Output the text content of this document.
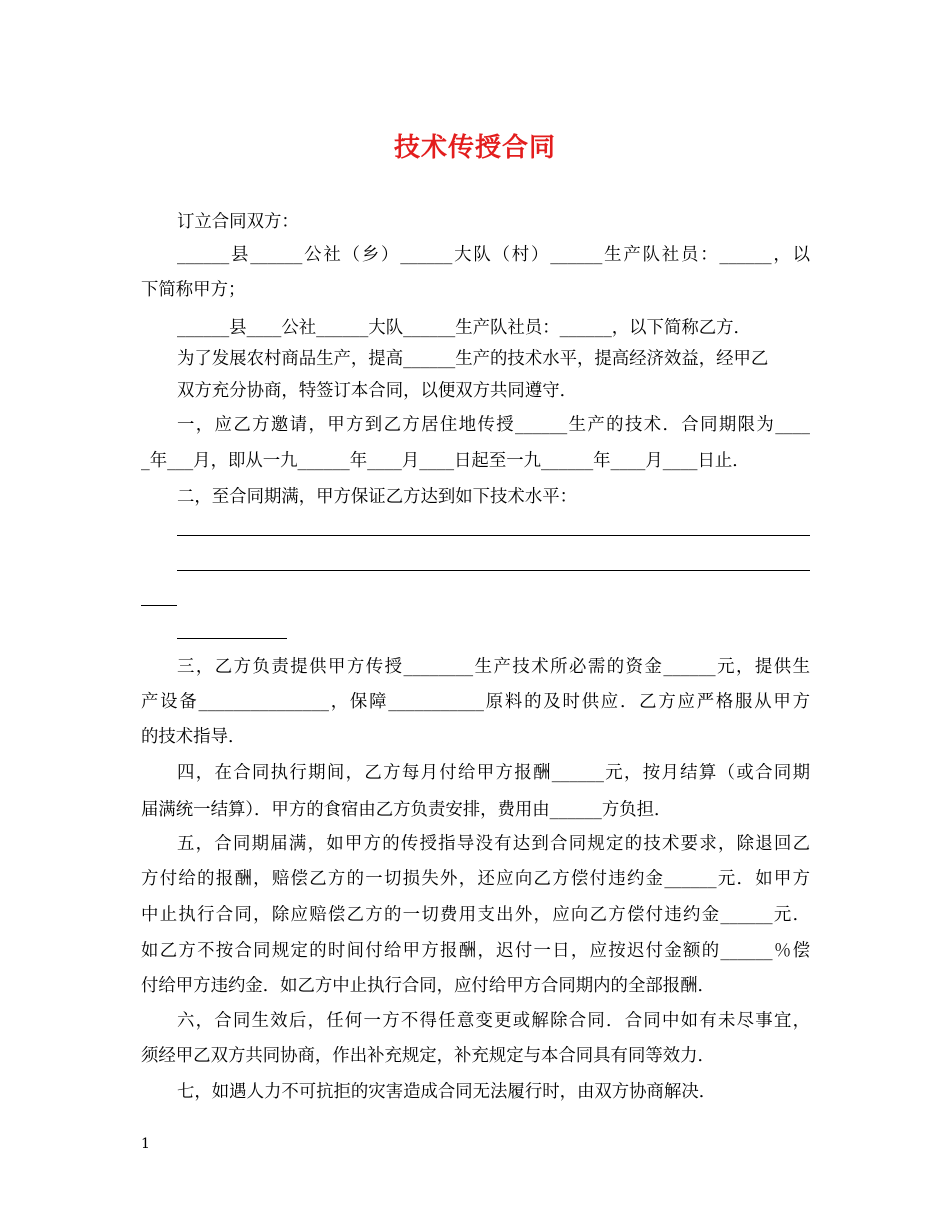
技术传授合同
订立合同双方：
______县______公社（乡）______大队（村）______生产队社员：______，以
下简称甲方；
______县____公社______大队______生产队社员：______，以下简称乙方．
为了发展农村商品生产，提高______生产的技术水平，提高经济效益，经甲乙
双方充分协商，特签订本合同，以便双方共同遵守．
一，应乙方邀请，甲方到乙方居住地传授______生产的技术．合同期限为____
_年___月，即从一九______年____月____日起至一九______年____月____日止．
二，至合同期满，甲方保证乙方达到如下技术水平：
三，乙方负责提供甲方传授________生产技术所必需的资金______元，提供生
产设备_______________，保障___________原料的及时供应．乙方应严格服从甲方
的技术指导．
四，在合同执行期间，乙方每月付给甲方报酬______元，按月结算（或合同期
届满统一结算）．甲方的食宿由乙方负责安排，费用由______方负担．
五，合同期届满，如甲方的传授指导没有达到合同规定的技术要求，除退回乙
方付给的报酬，赔偿乙方的一切损失外，还应向乙方偿付违约金______元．如甲方
中止执行合同，除应赔偿乙方的一切费用支出外，应向乙方偿付违约金______元．
如乙方不按合同规定的时间付给甲方报酬，迟付一日，应按迟付金额的______％偿
付给甲方违约金．如乙方中止执行合同，应付给甲方合同期内的全部报酬．
六，合同生效后，任何一方不得任意变更或解除合同．合同中如有未尽事宜，
须经甲乙双方共同协商，作出补充规定，补充规定与本合同具有同等效力．
七，如遇人力不可抗拒的灾害造成合同无法履行时，由双方协商解决．
1
